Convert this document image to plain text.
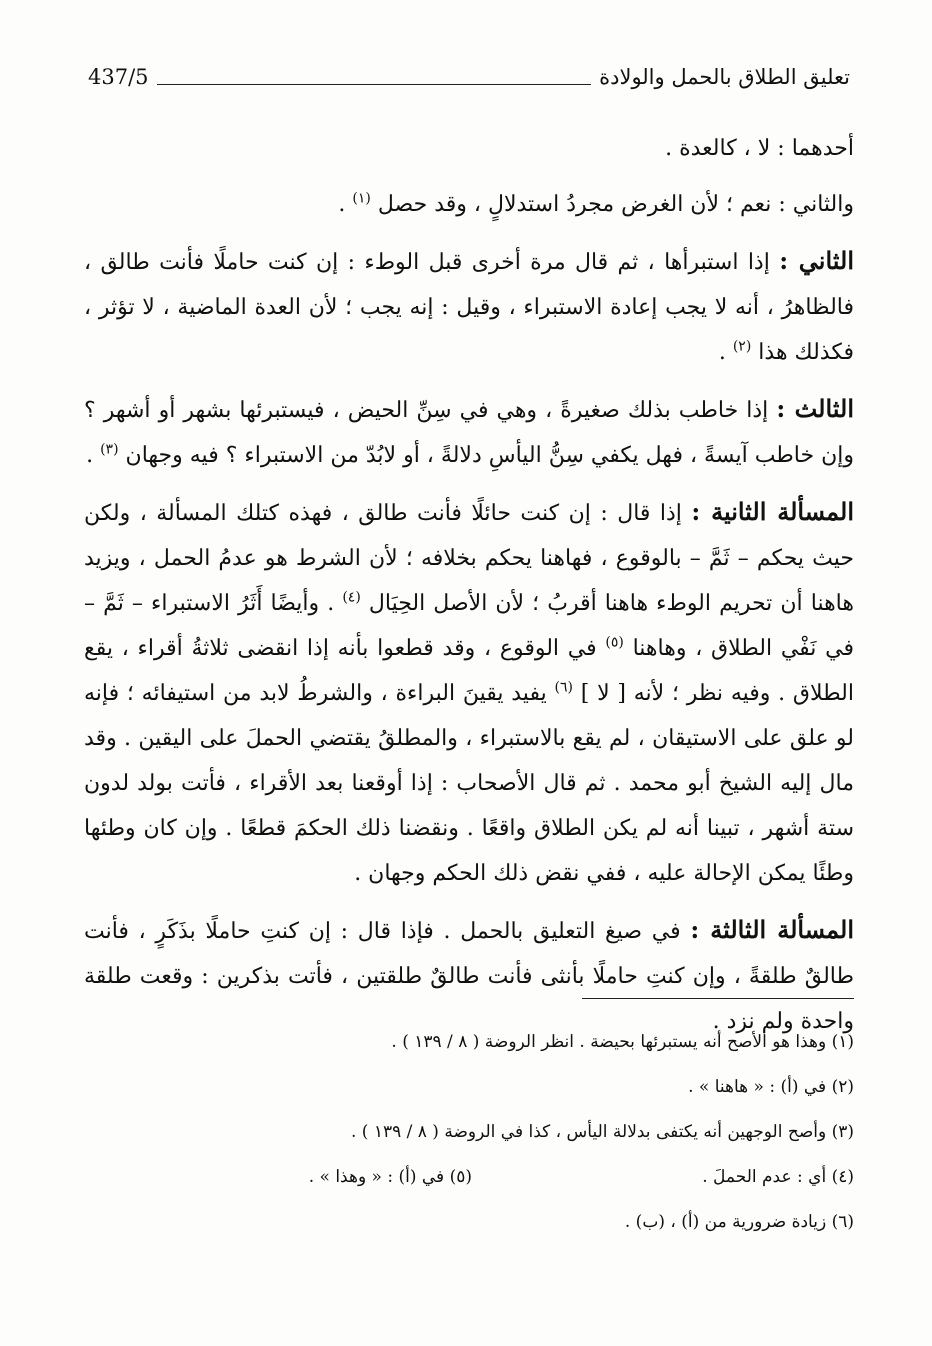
437/5	تعليق الطلاق بالحمل والولادة

أحدهما : لا ، كالعدة .

والثاني : نعم ؛ لأن الغرض مجردُ استدلالٍ ، وقد حصل $^{(١)}$ .

الثاني : إذا استبرأها ، ثم قال مرة أخرى قبل الوطء : إن كنت حاملًا فأنت طالق ، فالظاهرُ ، أنه لا يجب إعادة الاستبراء ، وقيل : إنه يجب ؛ لأن العدة الماضية ، لا تؤثر ، فكذلك هذا $^{(٢)}$ .

الثالث : إذا خاطب بذلك صغيرةً ، وهي في سِنِّ الحيض ، فيستبرئها بشهر أو أشهر ؟ وإن خاطب آيسةً ، فهل يكفي سِنُّ اليأسِ دلالةً ، أو لابُدّ من الاستبراء ؟ فيه وجهان $^{(٣)}$ .

المسألة الثانية : إذا قال : إن كنت حائلًا فأنت طالق ، فهذه كتلك المسألة ، ولكن حيث يحكم – ثَمَّ – بالوقوع ، فهاهنا يحكم بخلافه ؛ لأن الشرط هو عدمُ الحمل ، ويزيد هاهنا أن تحريم الوطء هاهنا أقربُ ؛ لأن الأصل الحِيَال $^{(٤)}$ . وأيضًا أَثَرُ الاستبراء – ثَمَّ – في نَفْي الطلاق ، وهاهنا $^{(٥)}$ في الوقوع ، وقد قطعوا بأنه إذا انقضى ثلاثةُ أقراء ، يقع الطلاق . وفيه نظر ؛ لأنه [ لا ] $^{(٦)}$ يفيد يقينَ البراءة ، والشرطُ لابد من استيفائه ؛ فإنه لو علق على الاستيقان ، لم يقع بالاستبراء ، والمطلقُ يقتضي الحملَ على اليقين . وقد مال إليه الشيخ أبو محمد . ثم قال الأصحاب : إذا أوقعنا بعد الأقراء ، فأتت بولد لدون ستة أشهر ، تبينا أنه لم يكن الطلاق واقعًا . ونقضنا ذلك الحكمَ قطعًا . وإن كان وطئها وطئًا يمكن الإحالة عليه ، ففي نقض ذلك الحكم وجهان .

المسألة الثالثة : في صيغ التعليق بالحمل . فإذا قال : إن كنتِ حاملًا بذَكَرٍ ، فأنت طالقٌ طلقةً ، وإن كنتِ حاملًا بأنثى فأنت طالقٌ طلقتين ، فأتت بذكرين : وقعت طلقة واحدة ولم نزد .

(١) وهذا هو الأصح أنه يستبرئها بحيضة . انظر الروضة ( ٨ / ١٣٩ ) .

(٢) في (أ) : « هاهنا » .

(٣) وأصح الوجهين أنه يكتفى بدلالة اليأس ، كذا في الروضة ( ٨ / ١٣٩ ) .

(٤) أي : عدم الحملَ .

(٥) في (أ) : « وهذا » .

(٦) زيادة ضرورية من (أ) ، (ب) .
